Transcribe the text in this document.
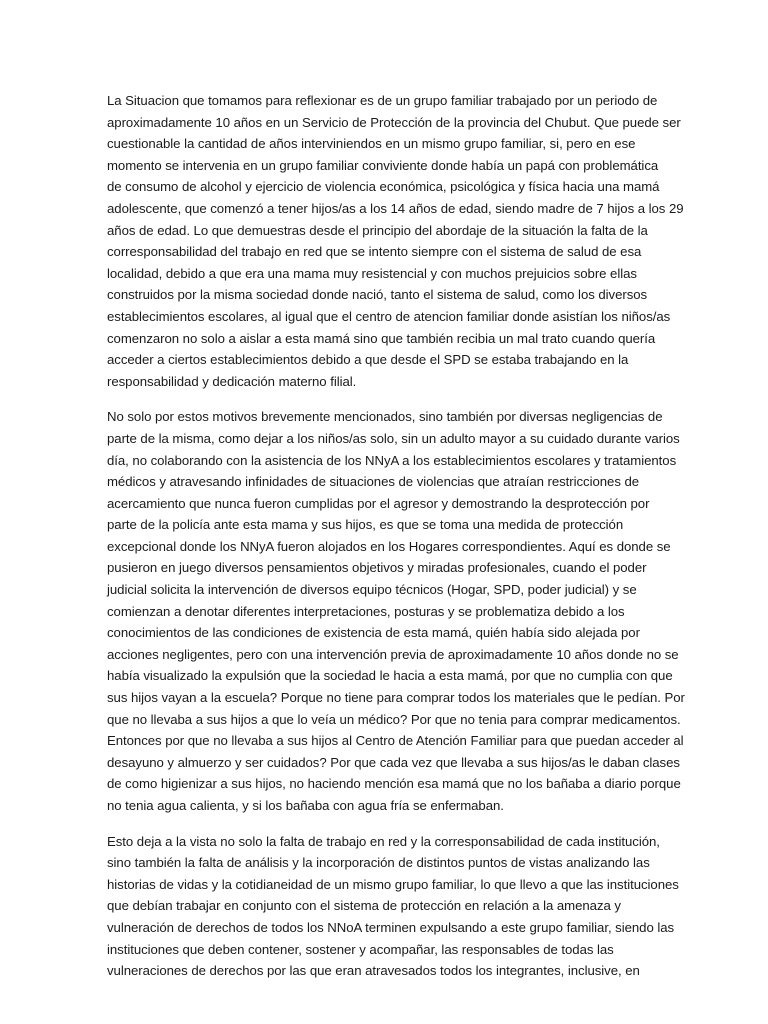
La Situacion que tomamos para reflexionar es de un grupo familiar trabajado por un periodo de
aproximadamente 10 años en un Servicio de Protección de la provincia del Chubut. Que puede ser
cuestionable la cantidad de años interviniendos en un mismo grupo familiar, si, pero en ese
momento se intervenia en un grupo familiar conviviente donde había un papá con problemática
de consumo de alcohol y ejercicio de violencia económica, psicológica y física hacia una mamá
adolescente, que comenzó a tener hijos/as a los 14 años de edad, siendo madre de 7 hijos a los 29
años de edad. Lo que demuestras desde el principio del abordaje de la situación la falta de la
corresponsabilidad del trabajo en red que se intento siempre con el sistema de salud de esa
localidad, debido a que era una mama muy resistencial y con muchos prejuicios sobre ellas
construidos por la misma sociedad donde nació, tanto el sistema de salud, como los diversos
establecimientos escolares, al igual que el centro de atencion familiar donde asistían los niños/as
comenzaron no solo a aislar a esta mamá sino que también recibia un mal trato cuando quería
acceder a ciertos establecimientos debido a que desde el SPD se estaba trabajando en la
responsabilidad y dedicación materno filial.

No solo por estos motivos brevemente mencionados, sino también por diversas negligencias de
parte de la misma, como dejar a los niños/as solo, sin un adulto mayor a su cuidado durante varios
día, no colaborando con la asistencia de los NNyA a los establecimientos escolares y tratamientos
médicos y atravesando infinidades de situaciones de violencias que atraían restricciones de
acercamiento que nunca fueron cumplidas por el agresor y demostrando la desprotección por
parte de la policía ante esta mama y sus hijos, es que se toma una medida de protección
excepcional donde los NNyA fueron alojados en los Hogares correspondientes. Aquí es donde se
pusieron en juego diversos pensamientos objetivos y miradas profesionales, cuando el poder
judicial solicita la intervención de diversos equipo técnicos (Hogar, SPD, poder judicial) y se
comienzan a denotar diferentes interpretaciones, posturas y se problematiza debido a los
conocimientos de las condiciones de existencia de esta mamá, quién había sido alejada por
acciones negligentes, pero con una intervención previa de aproximadamente 10 años donde no se
había visualizado la expulsión que la sociedad le hacia a esta mamá, por que no cumplia con que
sus hijos vayan a la escuela? Porque no tiene para comprar todos los materiales que le pedían. Por
que no llevaba a sus hijos a que lo veía un médico? Por que no tenia para comprar medicamentos.
Entonces por que no llevaba a sus hijos al Centro de Atención Familiar para que puedan acceder al
desayuno y almuerzo y ser cuidados? Por que cada vez que llevaba a sus hijos/as le daban clases
de como higienizar a sus hijos, no haciendo mención esa mamá que no los bañaba a diario porque
no tenia agua calienta, y si los bañaba con agua fría se enfermaban.

Esto deja a la vista no solo la falta de trabajo en red y la corresponsabilidad de cada institución,
sino también la falta de análisis y la incorporación de distintos puntos de vistas analizando las
historias de vidas y la cotidianeidad de un mismo grupo familiar, lo que llevo a que las instituciones
que debían trabajar en conjunto con el sistema de protección en relación a la amenaza y
vulneración de derechos de todos los NNoA terminen expulsando a este grupo familiar, siendo las
instituciones que deben contener, sostener y acompañar, las responsables de todas las
vulneraciones de derechos por las que eran atravesados todos los integrantes, inclusive, en
